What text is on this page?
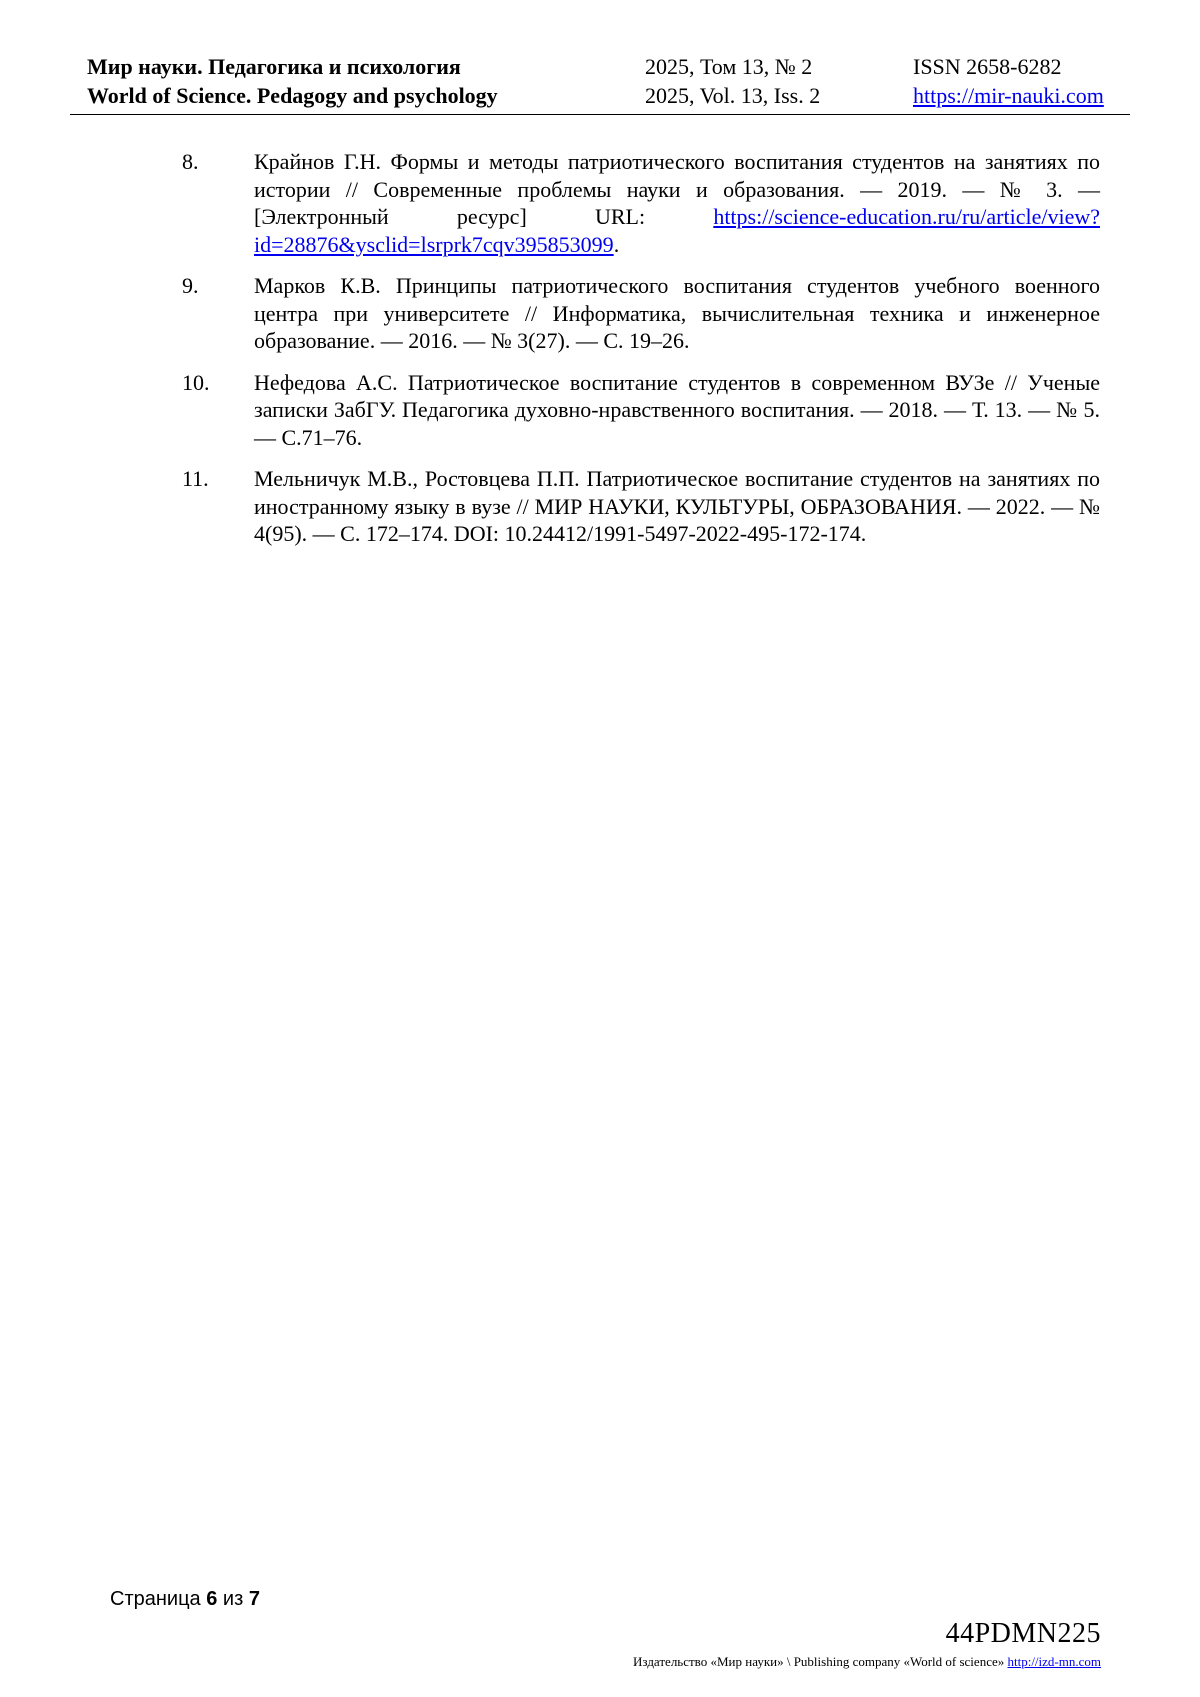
Мир науки. Педагогика и психология
World of Science. Pedagogy and psychology
2025, Том 13, № 2
2025, Vol. 13, Iss. 2
ISSN 2658-6282
https://mir-nauki.com
8.	Крайнов Г.Н. Формы и методы патриотического воспитания студентов на занятиях по истории // Современные проблемы науки и образования. — 2019. — № 3. — [Электронный ресурс] URL: https://science-education.ru/ru/article/view?id=28876&ysclid=lsrprk7cqv395853099.
9.	Марков К.В. Принципы патриотического воспитания студентов учебного военного центра при университете // Информатика, вычислительная техника и инженерное образование. — 2016. — № 3(27). — С. 19–26.
10.	Нефедова А.С. Патриотическое воспитание студентов в современном ВУЗе // Ученые записки ЗабГУ. Педагогика духовно-нравственного воспитания. — 2018. — Т. 13. — № 5. — С.71–76.
11.	Мельничук М.В., Ростовцева П.П. Патриотическое воспитание студентов на занятиях по иностранному языку в вузе // МИР НАУКИ, КУЛЬТУРЫ, ОБРАЗОВАНИЯ. — 2022. — № 4(95). — С. 172–174. DOI: 10.24412/1991-5497-2022-495-172-174.
Страница 6 из 7
44PDMN225
Издательство «Мир науки» \ Publishing company «World of science» http://izd-mn.com
